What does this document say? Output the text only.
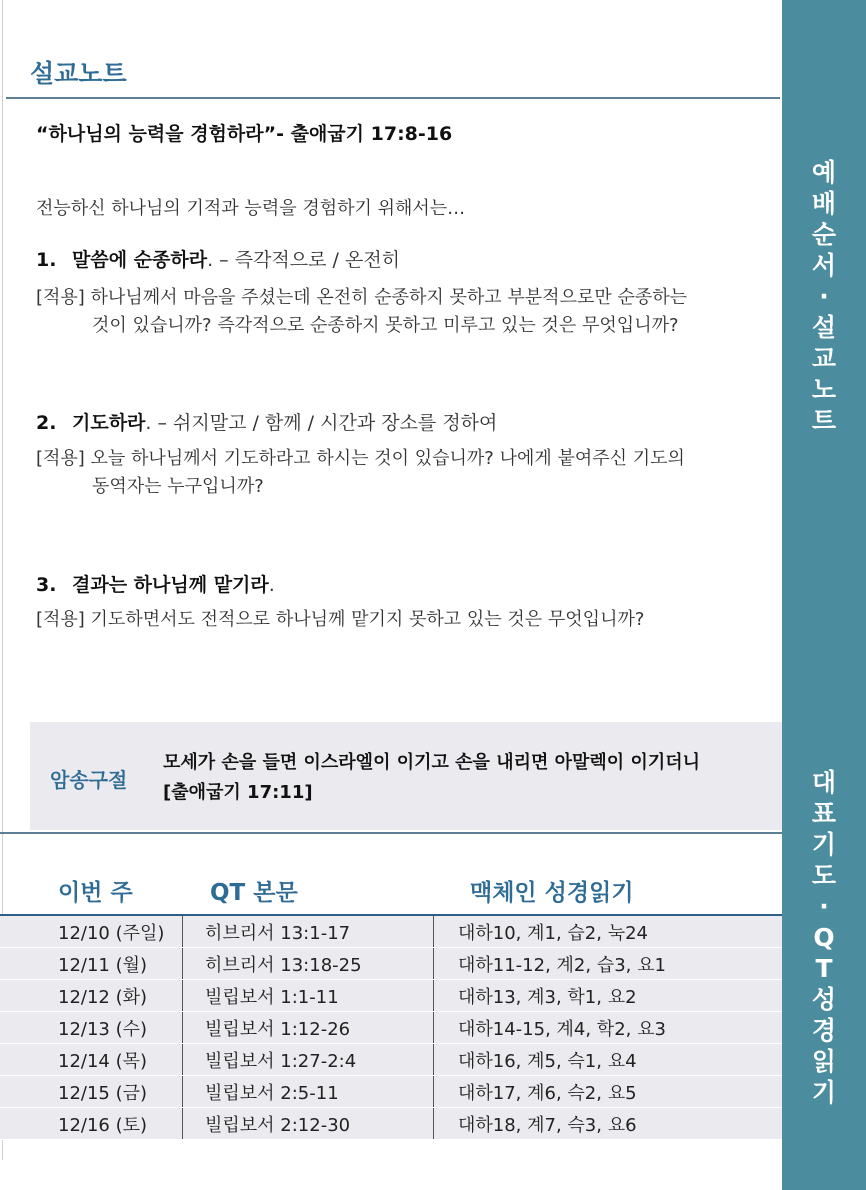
설교노트
“하나님의 능력을 경험하라”- 출애굽기 17:8-16
전능하신 하나님의 기적과 능력을 경험하기 위해서는…
1. 말씀에 순종하라. – 즉각적으로 / 온전히
[적용] 하나님께서 마음을 주셨는데 온전히 순종하지 못하고 부분적으로만 순종하는
것이 있습니까? 즉각적으로 순종하지 못하고 미루고 있는 것은 무엇입니까?
2. 기도하라. – 쉬지말고 / 함께 / 시간과 장소를 정하여
[적용] 오늘 하나님께서 기도하라고 하시는 것이 있습니까? 나에게 붙여주신 기도의
동역자는 누구입니까?
3. 결과는 하나님께 맡기라.
[적용] 기도하면서도 전적으로 하나님께 맡기지 못하고 있는 것은 무엇입니까?
암송구절
모세가 손을 들면 이스라엘이 이기고 손을 내리면 아말렉이 이기더니
[출애굽기 17:11]
이번 주	QT 본문	맥체인 성경읽기
12/10 (주일)	히브리서 13:1-17	대하10, 계1, 습2, 눅24
12/11 (월)	히브리서 13:18-25	대하11-12, 계2, 습3, 요1
12/12 (화)	빌립보서 1:1-11	대하13, 계3, 학1, 요2
12/13 (수)	빌립보서 1:12-26	대하14-15, 계4, 학2, 요3
12/14 (목)	빌립보서 1:27-2:4	대하16, 계5, 슥1, 요4
12/15 (금)	빌립보서 2:5-11	대하17, 계6, 슥2, 요5
12/16 (토)	빌립보서 2:12-30	대하18, 계7, 슥3, 요6
예
배
순
서
·
설
교
노
트
대
표
기
도
·
Q
T
성
경
읽
기
